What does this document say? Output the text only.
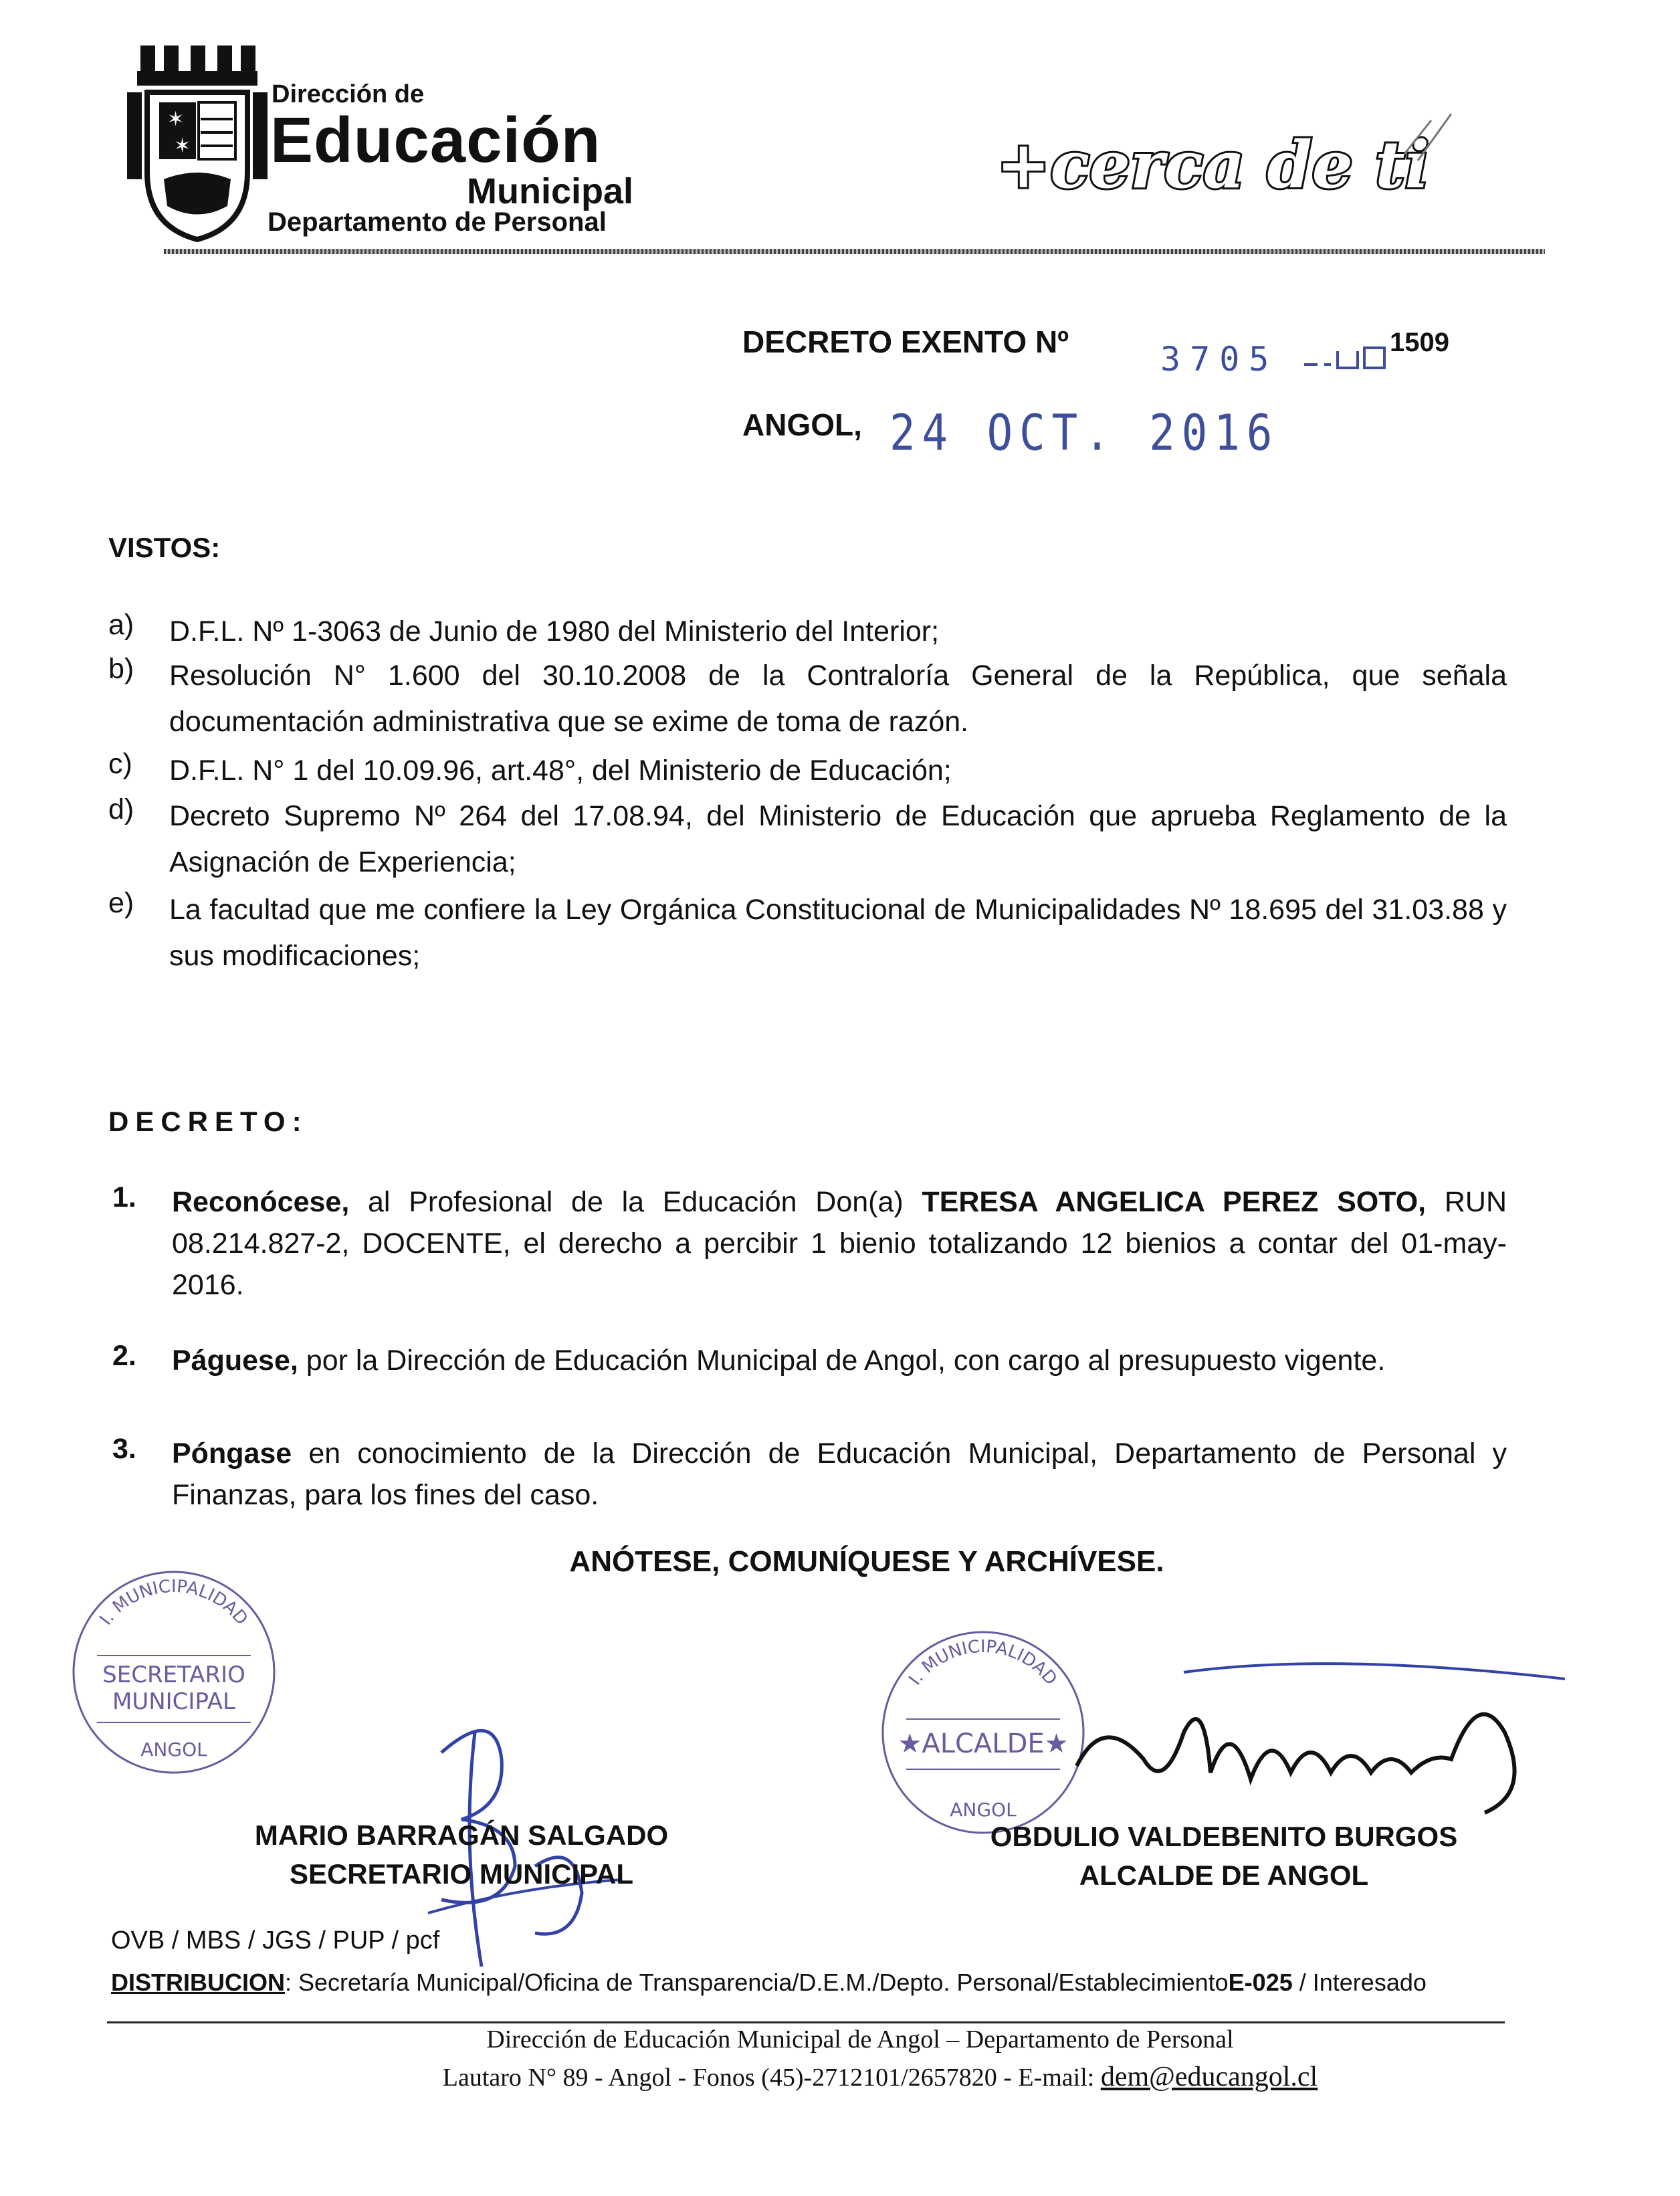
✶
✶
Dirección de
Educación
Municipal
Departamento de Personal
+cerca de ti
DECRETO EXENTO Nº	3705	1509
ANGOL, 24 OCT. 2016
VISTOS:
a) D.F.L. Nº 1-3063 de Junio de 1980 del Ministerio del Interior;
b) Resolución N° 1.600 del 30.10.2008 de la Contraloría General de la República, que señala documentación administrativa que se exime de toma de razón.
c) D.F.L. N° 1 del 10.09.96, art.48°, del Ministerio de Educación;
d) Decreto Supremo Nº 264 del 17.08.94, del Ministerio de Educación que aprueba Reglamento de la Asignación de Experiencia;
e) La facultad que me confiere la Ley Orgánica Constitucional de Municipalidades Nº 18.695 del 31.03.88 y sus modificaciones;
DECRETO:
1. Reconócese, al Profesional de la Educación Don(a) TERESA ANGELICA PEREZ SOTO, RUN 08.214.827-2, DOCENTE, el derecho a percibir 1 bienio totalizando 12 bienios a contar del 01-may-2016.
2. Páguese, por la Dirección de Educación Municipal de Angol, con cargo al presupuesto vigente.
3. Póngase en conocimiento de la Dirección de Educación Municipal, Departamento de Personal y Finanzas, para los fines del caso.
ANÓTESE, COMUNÍQUESE Y ARCHÍVESE.
I. MUNICIPALIDAD
SECRETARIO
MUNICIPAL
ANGOL
I. MUNICIPALIDAD
★ALCALDE★
ANGOL
MARIO BARRAGÁN SALGADO
SECRETARIO MUNICIPAL
OBDULIO VALDEBENITO BURGOS
ALCALDE DE ANGOL
OVB / MBS / JGS / PUP / pcf
DISTRIBUCION: Secretaría Municipal/Oficina de Transparencia/D.E.M./Depto. Personal/EstablecimientoE-025 / Interesado
Dirección de Educación Municipal de Angol – Departamento de Personal
Lautaro N° 89 - Angol - Fonos (45)-2712101/2657820 - E-mail: dem@educangol.cl
